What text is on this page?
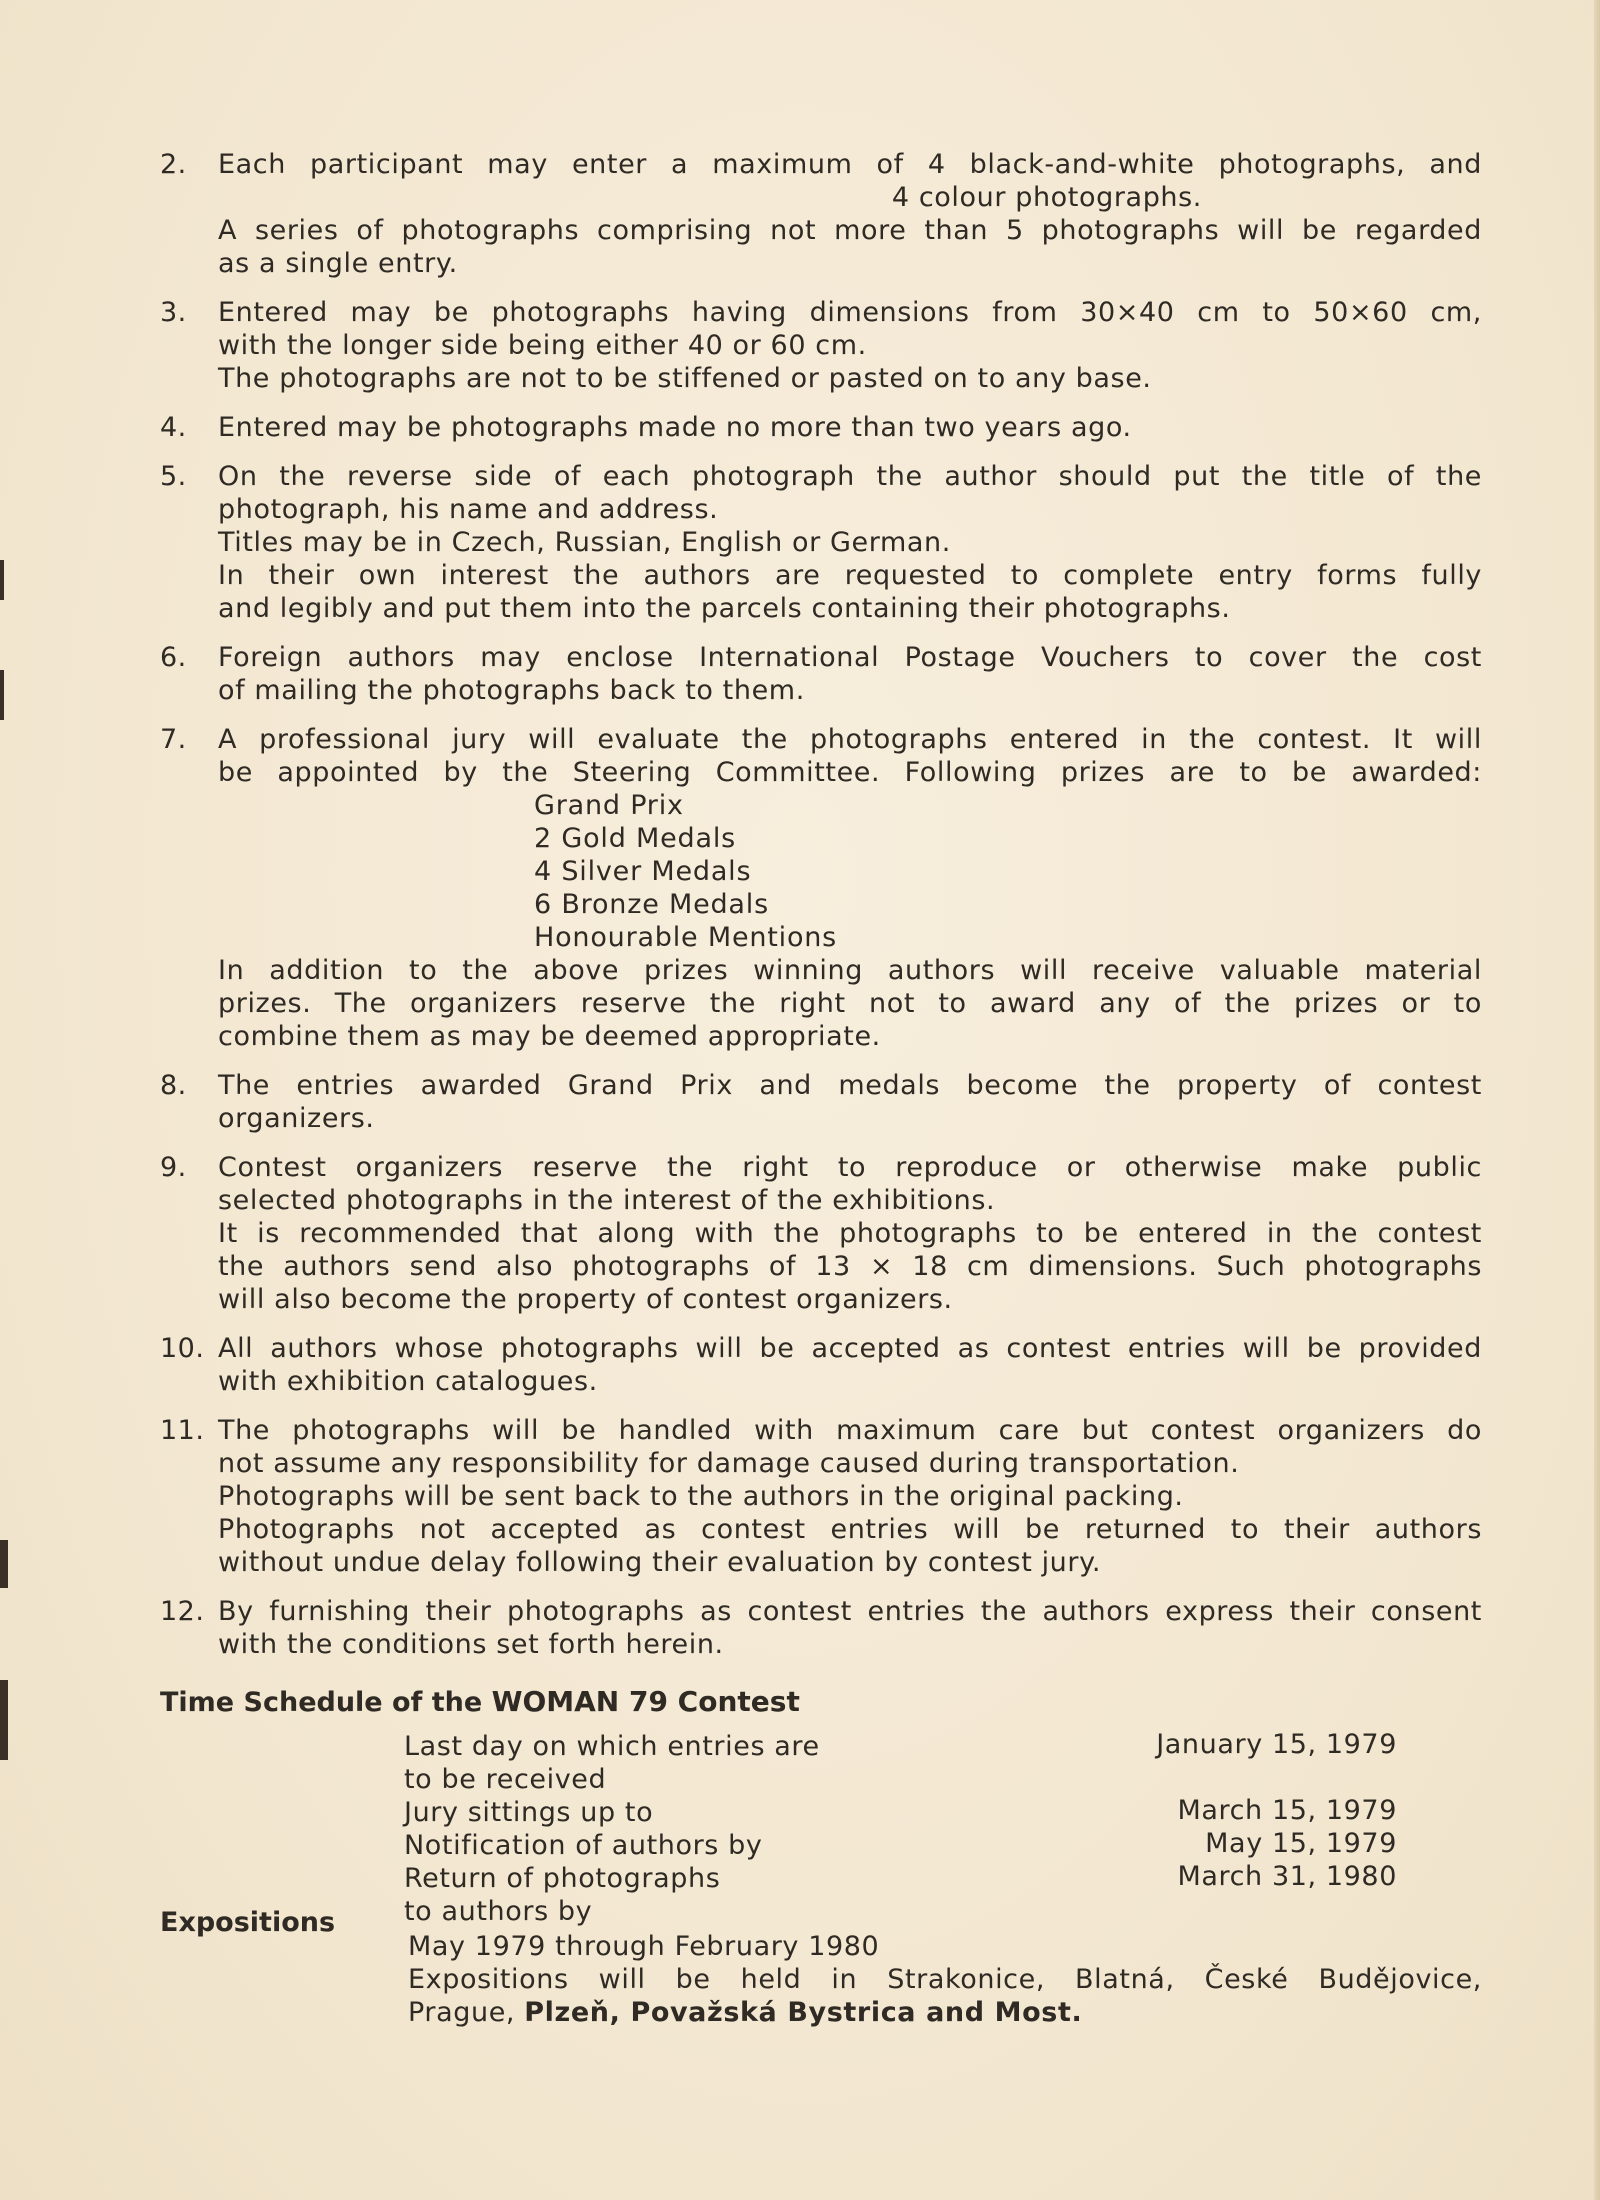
2.	Each participant may enter a maximum of 4 black-and-white photographs, and
4 colour photographs.
A series of photographs comprising not more than 5 photographs will be regarded
as a single entry.
3.	Entered may be photographs having dimensions from 30×40 cm to 50×60 cm,
with the longer side being either 40 or 60 cm.
The photographs are not to be stiffened or pasted on to any base.
4.	Entered may be photographs made no more than two years ago.
5.	On the reverse side of each photograph the author should put the title of the
photograph, his name and address.
Titles may be in Czech, Russian, English or German.
In their own interest the authors are requested to complete entry forms fully
and legibly and put them into the parcels containing their photographs.
6.	Foreign authors may enclose International Postage Vouchers to cover the cost
of mailing the photographs back to them.
7.	A professional jury will evaluate the photographs entered in the contest. It will
be appointed by the Steering Committee. Following prizes are to be awarded:
Grand Prix
2 Gold Medals
4 Silver Medals
6 Bronze Medals
Honourable Mentions
In addition to the above prizes winning authors will receive valuable material
prizes. The organizers reserve the right not to award any of the prizes or to
combine them as may be deemed appropriate.
8.	The entries awarded Grand Prix and medals become the property of contest
organizers.
9.	Contest organizers reserve the right to reproduce or otherwise make public
selected photographs in the interest of the exhibitions.
It is recommended that along with the photographs to be entered in the contest
the authors send also photographs of 13 × 18 cm dimensions. Such photographs
will also become the property of contest organizers.
10. All authors whose photographs will be accepted as contest entries will be provided
with exhibition catalogues.
11. The photographs will be handled with maximum care but contest organizers do
not assume any responsibility for damage caused during transportation.
Photographs will be sent back to the authors in the original packing.
Photographs not accepted as contest entries will be returned to their authors
without undue delay following their evaluation by contest jury.
12. By furnishing their photographs as contest entries the authors express their consent
with the conditions set forth herein.
Time Schedule of the WOMAN 79 Contest
Last day on which entries are	January 15, 1979
to be received
Jury sittings up to	March 15, 1979
Notification of authors by	May 15, 1979
Return of photographs	March 31, 1980
to authors by
Expositions
May 1979 through February 1980
Expositions will be held in Strakonice, Blatná, České Budějovice,
Prague, Plzeň, Považská Bystrica and Most.
